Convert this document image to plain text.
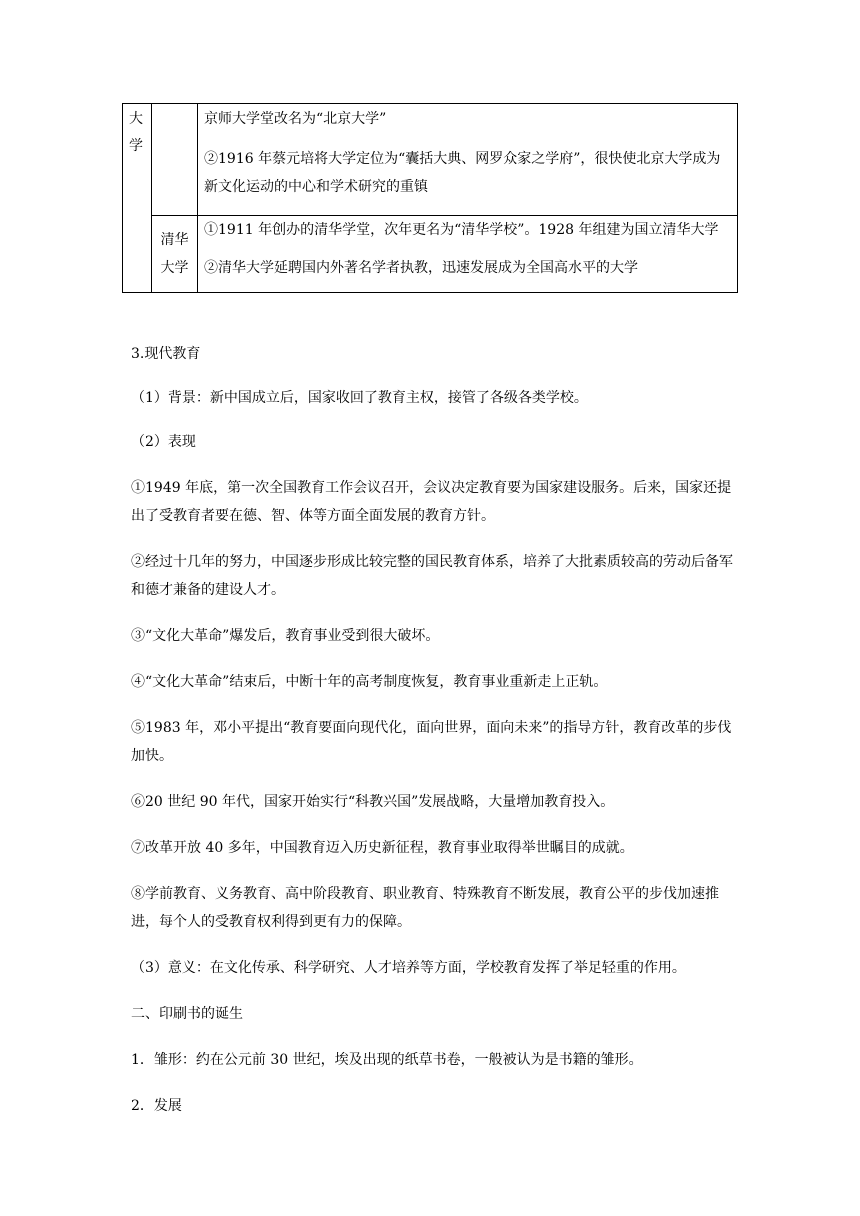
大学		京师大学堂改名为“北京大学”

②1916 年蔡元培将大学定位为“囊括大典、网罗众家之学府”，很快使北京大学成为新文化运动的中心和学术研究的重镇

	清华大学	①1911 年创办的清华学堂，次年更名为“清华学校”。1928 年组建为国立清华大学

②清华大学延聘国内外著名学者执教，迅速发展成为全国高水平的大学

3.现代教育

（1）背景：新中国成立后，国家收回了教育主权，接管了各级各类学校。

（2）表现

①1949 年底，第一次全国教育工作会议召开，会议决定教育要为国家建设服务。后来，国家还提出了受教育者要在德、智、体等方面全面发展的教育方针。

②经过十几年的努力，中国逐步形成比较完整的国民教育体系，培养了大批素质较高的劳动后备军和德才兼备的建设人才。

③“文化大革命”爆发后，教育事业受到很大破坏。

④“文化大革命”结束后，中断十年的高考制度恢复，教育事业重新走上正轨。

⑤1983 年，邓小平提出“教育要面向现代化，面向世界，面向未来”的指导方针，教育改革的步伐加快。

⑥20 世纪 90 年代，国家开始实行“科教兴国”发展战略，大量增加教育投入。

⑦改革开放 40 多年，中国教育迈入历史新征程，教育事业取得举世瞩目的成就。

⑧学前教育、义务教育、高中阶段教育、职业教育、特殊教育不断发展，教育公平的步伐加速推进，每个人的受教育权利得到更有力的保障。

（3）意义：在文化传承、科学研究、人才培养等方面，学校教育发挥了举足轻重的作用。

二、印刷书的诞生

1．雏形：约在公元前 30 世纪，埃及出现的纸草书卷，一般被认为是书籍的雏形。

2．发展
